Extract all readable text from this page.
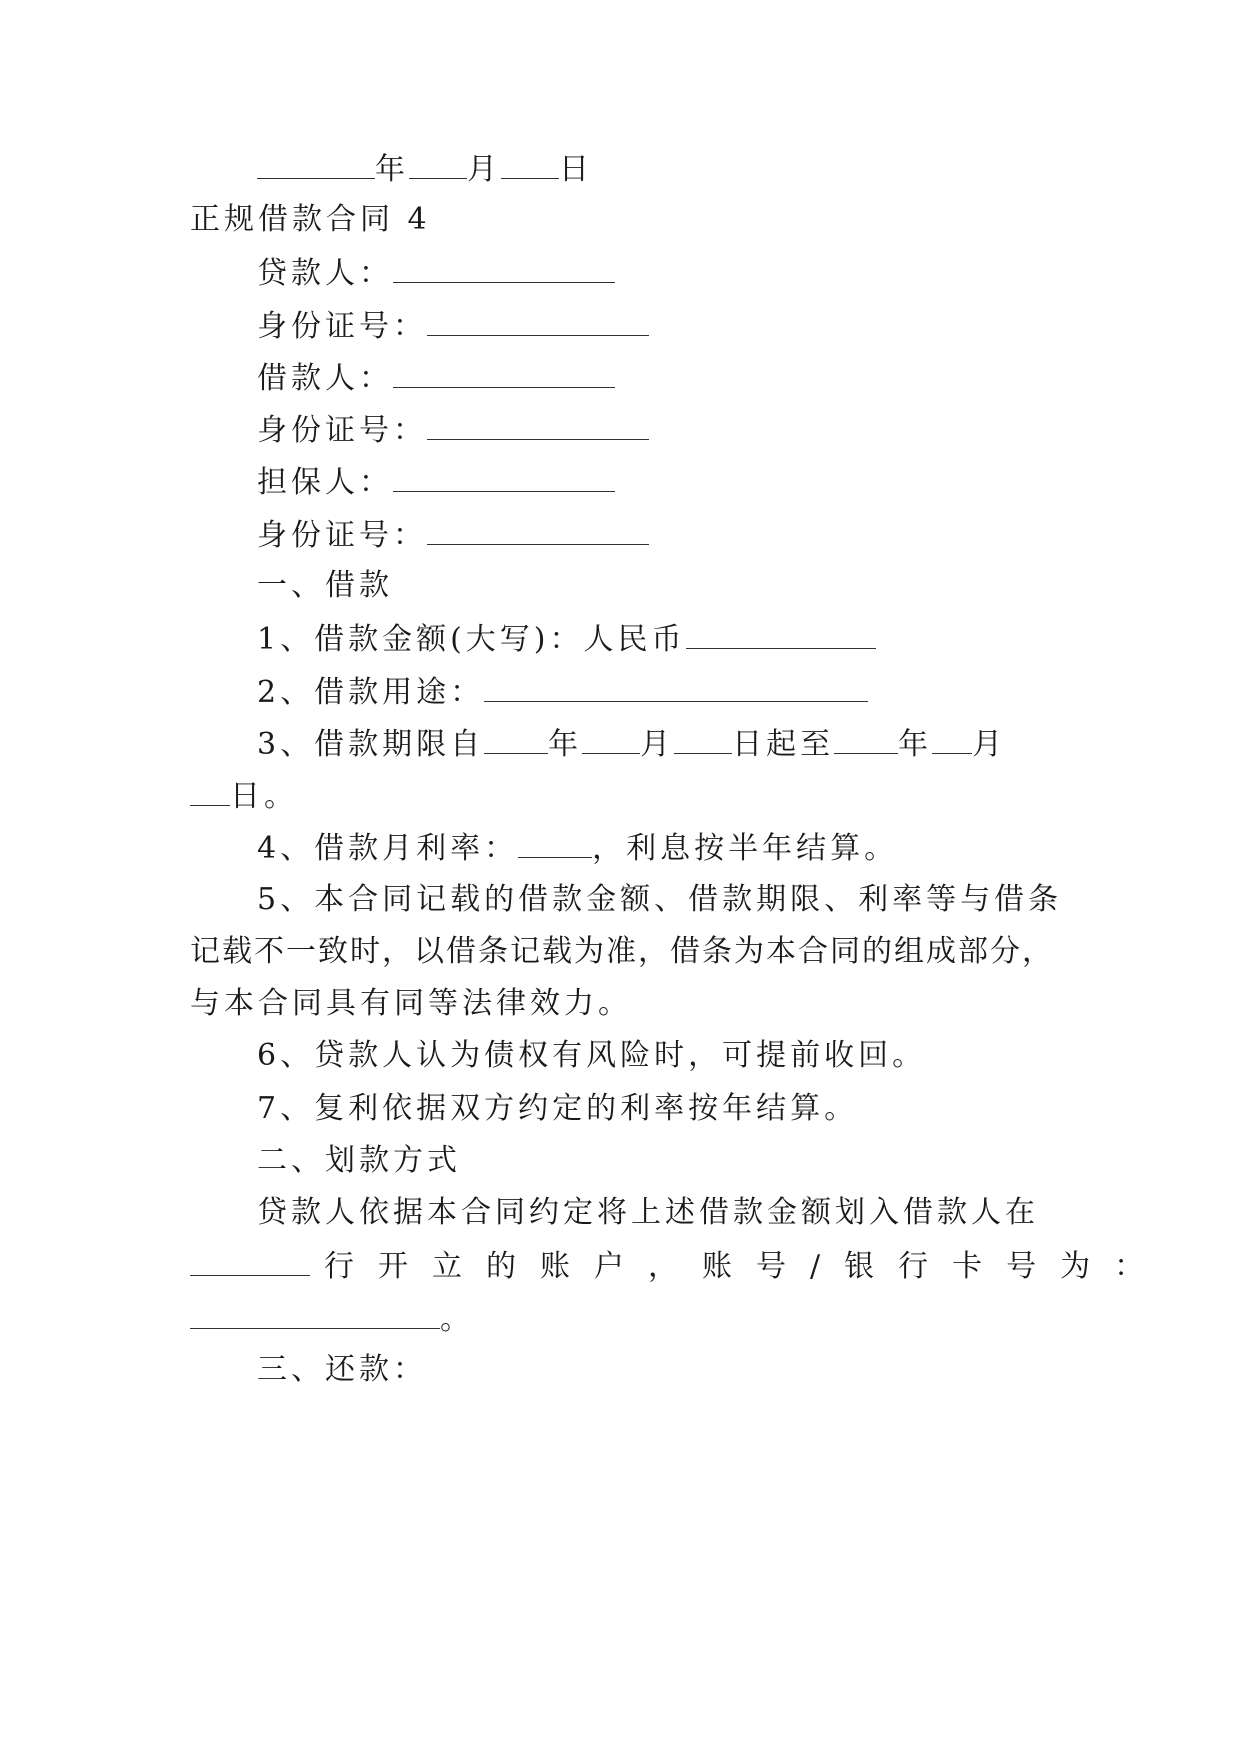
年 月 日
正规借款合同 4
贷款人：
身份证号：
借款人：
身份证号：
担保人：
身份证号：
一、借款
1、借款金额(大写)：人民币
2、借款用途：
3、借款期限自 年 月 日起至 年 月
日。
4、借款月利率： ，利息按半年结算。
5、本合同记载的借款金额、借款期限、利率等与借条
记载不一致时，以借条记载为准，借条为本合同的组成部分，
与本合同具有同等法律效力。
6、贷款人认为债权有风险时，可提前收回。
7、复利依据双方约定的利率按年结算。
二、划款方式
贷款人依据本合同约定将上述借款金额划入借款人在
行开立的账户，账号/银行卡号为：
。
三、还款：
